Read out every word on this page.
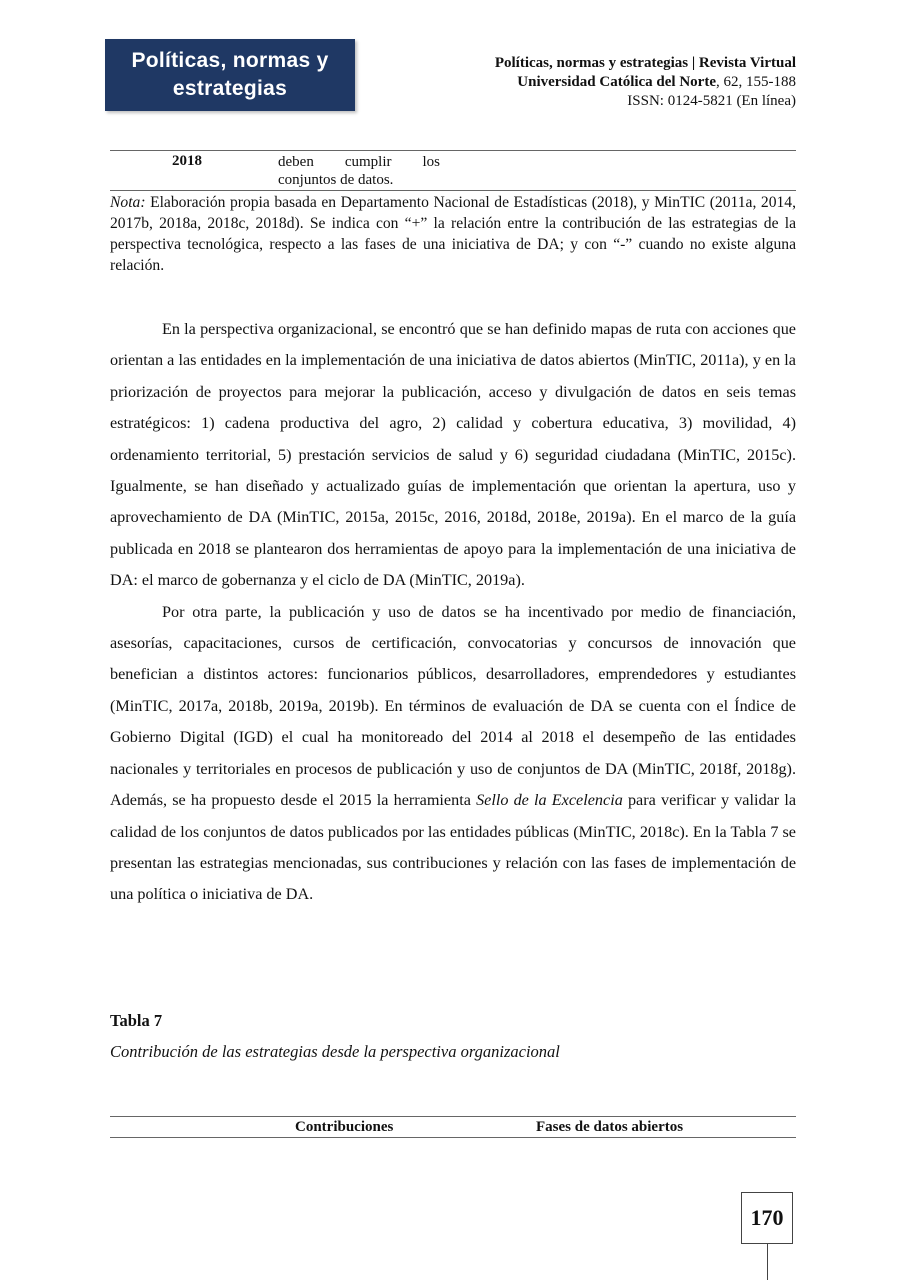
Políticas, normas y
estrategias
Políticas, normas y estrategias | Revista Virtual
Universidad Católica del Norte, 62, 155-188
ISSN: 0124-5821 (En línea)
2018	deben cumplir los
conjuntos de datos.
Nota: Elaboración propia basada en Departamento Nacional de Estadísticas (2018), y MinTIC (2011a, 2014, 2017b, 2018a, 2018c, 2018d). Se indica con “+” la relación entre la contribución de las estrategias de la perspectiva tecnológica, respecto a las fases de una iniciativa de DA; y con “-” cuando no existe alguna relación.

En la perspectiva organizacional, se encontró que se han definido mapas de ruta con acciones que orientan a las entidades en la implementación de una iniciativa de datos abiertos (MinTIC, 2011a), y en la priorización de proyectos para mejorar la publicación, acceso y divulgación de datos en seis temas estratégicos: 1) cadena productiva del agro, 2) calidad y cobertura educativa, 3) movilidad, 4) ordenamiento territorial, 5) prestación servicios de salud y 6) seguridad ciudadana (MinTIC, 2015c). Igualmente, se han diseñado y actualizado guías de implementación que orientan la apertura, uso y aprovechamiento de DA (MinTIC, 2015a, 2015c, 2016, 2018d, 2018e, 2019a). En el marco de la guía publicada en 2018 se plantearon dos herramientas de apoyo para la implementación de una iniciativa de DA: el marco de gobernanza y el ciclo de DA (MinTIC, 2019a).

Por otra parte, la publicación y uso de datos se ha incentivado por medio de financiación, asesorías, capacitaciones, cursos de certificación, convocatorias y concursos de innovación que benefician a distintos actores: funcionarios públicos, desarrolladores, emprendedores y estudiantes (MinTIC, 2017a, 2018b, 2019a, 2019b). En términos de evaluación de DA se cuenta con el Índice de Gobierno Digital (IGD) el cual ha monitoreado del 2014 al 2018 el desempeño de las entidades nacionales y territoriales en procesos de publicación y uso de conjuntos de DA (MinTIC, 2018f, 2018g). Además, se ha propuesto desde el 2015 la herramienta Sello de la Excelencia para verificar y validar la calidad de los conjuntos de datos publicados por las entidades públicas (MinTIC, 2018c). En la Tabla 7 se presentan las estrategias mencionadas, sus contribuciones y relación con las fases de implementación de una política o iniciativa de DA.

Tabla 7
Contribución de las estrategias desde la perspectiva organizacional
Contribuciones	Fases de datos abiertos
170
